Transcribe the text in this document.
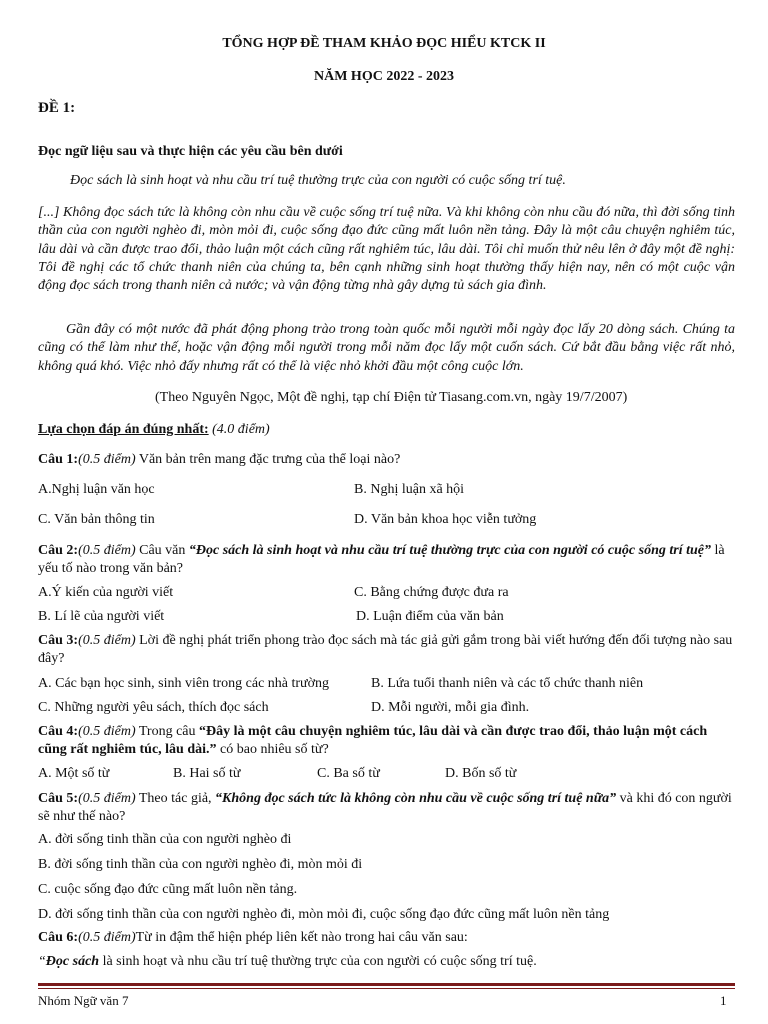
TỔNG HỢP ĐỀ THAM KHẢO ĐỌC HIỂU KTCK II
NĂM HỌC 2022 - 2023
ĐỀ 1:
Đọc ngữ liệu sau và thực hiện các yêu cầu bên dưới
Đọc sách là sinh hoạt và nhu cầu trí tuệ thường trực của con người có cuộc sống trí tuệ.
[...] Không đọc sách tức là không còn nhu cầu về cuộc sống trí tuệ nữa. Và khi không còn nhu cầu đó nữa, thì đời sống tinh thần của con người nghèo đi, mòn mỏi đi, cuộc sống đạo đức cũng mất luôn nền tảng. Đây là một câu chuyện nghiêm túc, lâu dài và cần được trao đổi, thảo luận một cách cũng rất nghiêm túc, lâu dài. Tôi chỉ muốn thử nêu lên ở đây một đề nghị: Tôi đề nghị các tổ chức thanh niên của chúng ta, bên cạnh những sinh hoạt thường thấy hiện nay, nên có một cuộc vận động đọc sách trong thanh niên cả nước; và vận động từng nhà gây dựng tủ sách gia đình.
Gần đây có một nước đã phát động phong trào trong toàn quốc mỗi người mỗi ngày đọc lấy 20 dòng sách. Chúng ta cũng có thể làm như thế, hoặc vận động mỗi người trong mỗi năm đọc lấy một cuốn sách. Cứ bắt đầu bằng việc rất nhỏ, không quá khó. Việc nhỏ đấy nhưng rất có thể là việc nhỏ khởi đầu một công cuộc lớn.
(Theo Nguyên Ngọc, Một đề nghị, tạp chí Điện tử Tiasang.com.vn, ngày 19/7/2007)
Lựa chọn đáp án đúng nhất: (4.0 điểm)
Câu 1:(0.5 điểm) Văn bản trên mang đặc trưng của thể loại nào?
A.Nghị luận văn học	B. Nghị luận xã hội
C. Văn bản thông tin	D. Văn bản khoa học viễn tưởng
Câu 2:(0.5 điểm) Câu văn “Đọc sách là sinh hoạt và nhu cầu trí tuệ thường trực của con người có cuộc sống trí tuệ” là yếu tố nào trong văn bản?
A.Ý kiến của người viết	C. Bằng chứng được đưa ra
B. Lí lẽ của người viết	D. Luận điểm của văn bản
Câu 3:(0.5 điểm) Lời đề nghị phát triển phong trào đọc sách mà tác giả gửi gắm trong bài viết hướng đến đối tượng nào sau đây?
A. Các bạn học sinh, sinh viên trong các nhà trường	B. Lứa tuổi thanh niên và các tổ chức thanh niên
C. Những người yêu sách, thích đọc sách	D. Mỗi người, mỗi gia đình.
Câu 4:(0.5 điểm) Trong câu “Đây là một câu chuyện nghiêm túc, lâu dài và cần được trao đổi, thảo luận một cách cũng rất nghiêm túc, lâu dài.” có bao nhiêu số từ?
A. Một số từ	B. Hai số từ	C. Ba số từ	D. Bốn số từ
Câu 5:(0.5 điểm) Theo tác giả, “Không đọc sách tức là không còn nhu cầu về cuộc sống trí tuệ nữa” và khi đó con người sẽ như thế nào?
A. đời sống tinh thần của con người nghèo đi
B. đời sống tinh thần của con người nghèo đi, mòn mỏi đi
C. cuộc sống đạo đức cũng mất luôn nền tảng.
D. đời sống tinh thần của con người nghèo đi, mòn mỏi đi, cuộc sống đạo đức cũng mất luôn nền tảng
Câu 6:(0.5 điểm)Từ in đậm thể hiện phép liên kết nào trong hai câu văn sau:
“Đọc sách là sinh hoạt và nhu cầu trí tuệ thường trực của con người có cuộc sống trí tuệ.
Nhóm Ngữ văn 7	1
